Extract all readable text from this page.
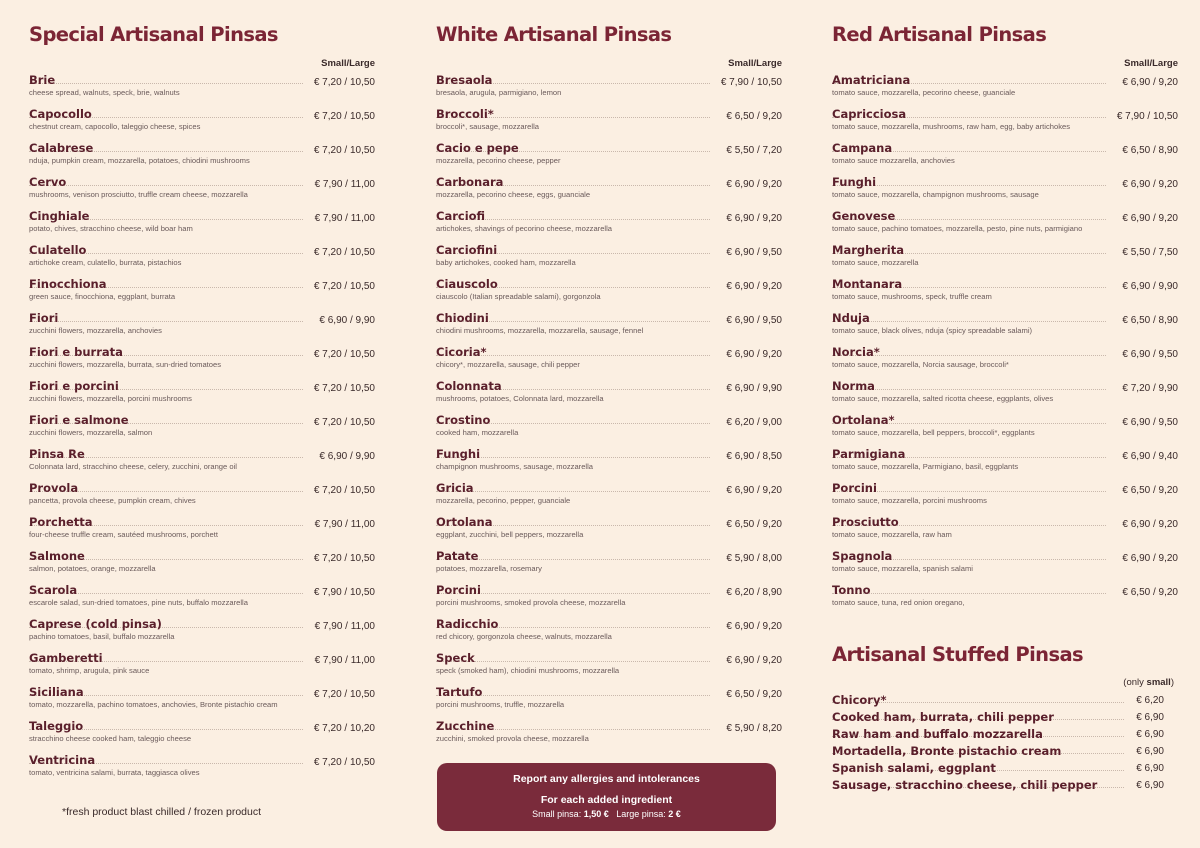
Special Artisanal Pinsas
Small/Large
Brie	€ 7,20 / 10,50
cheese spread, walnuts, speck, brie, walnuts
Capocollo	€ 7,20 / 10,50
chestnut cream, capocollo, taleggio cheese, spices
Calabrese	€ 7,20 / 10,50
nduja, pumpkin cream, mozzarella, potatoes, chiodini mushrooms
Cervo	€ 7,90 / 11,00
mushrooms, venison prosciutto, truffle cream cheese, mozzarella
Cinghiale	€ 7,90 / 11,00
potato, chives, stracchino cheese, wild boar ham
Culatello	€ 7,20 / 10,50
artichoke cream, culatello, burrata, pistachios
Finocchiona	€ 7,20 / 10,50
green sauce, finocchiona, eggplant, burrata
Fiori	€ 6,90 / 9,90
zucchini flowers, mozzarella, anchovies
Fiori e burrata	€ 7,20 / 10,50
zucchini flowers, mozzarella, burrata, sun-dried tomatoes
Fiori e porcini	€ 7,20 / 10,50
zucchini flowers, mozzarella, porcini mushrooms
Fiori e salmone	€ 7,20 / 10,50
zucchini flowers, mozzarella, salmon
Pinsa Re	€ 6,90 / 9,90
Colonnata lard, stracchino cheese, celery, zucchini, orange oil
Provola	€ 7,20 / 10,50
pancetta, provola cheese, pumpkin cream, chives
Porchetta	€ 7,90 / 11,00
four-cheese truffle cream, sautéed mushrooms, porchett
Salmone	€ 7,20 / 10,50
salmon, potatoes, orange, mozzarella
Scarola	€ 7,90 / 10,50
escarole salad, sun-dried tomatoes, pine nuts, buffalo mozzarella
Caprese (cold pinsa)	€ 7,90 / 11,00
pachino tomatoes, basil, buffalo mozzarella
Gamberetti	€ 7,90 / 11,00
tomato, shrimp, arugula, pink sauce
Siciliana	€ 7,20 / 10,50
tomato, mozzarella, pachino tomatoes, anchovies, Bronte pistachio cream
Taleggio	€ 7,20 / 10,20
stracchino cheese cooked ham, taleggio cheese
Ventricina	€ 7,20 / 10,50
tomato, ventricina salami, burrata, taggiasca olives
White Artisanal Pinsas
Small/Large
Bresaola	€ 7,90 / 10,50
bresaola, arugula, parmigiano, lemon
Broccoli*	€ 6,50 / 9,20
broccoli*, sausage, mozzarella
Cacio e pepe	€ 5,50 / 7,20
mozzarella, pecorino cheese, pepper
Carbonara	€ 6,90 / 9,20
mozzarella, pecorino cheese, eggs, guanciale
Carciofi	€ 6,90 / 9,20
artichokes, shavings of pecorino cheese, mozzarella
Carciofini	€ 6,90 / 9,50
baby artichokes, cooked ham, mozzarella
Ciauscolo	€ 6,90 / 9,20
ciauscolo (Italian spreadable salami), gorgonzola
Chiodini	€ 6,90 / 9,50
chiodini mushrooms, mozzarella, mozzarella, sausage, fennel
Cicoria*	€ 6,90 / 9,20
chicory*, mozzarella, sausage, chili pepper
Colonnata	€ 6,90 / 9,90
mushrooms, potatoes, Colonnata lard, mozzarella
Crostino	€ 6,20 / 9,00
cooked ham, mozzarella
Funghi	€ 6,90 / 8,50
champignon mushrooms, sausage, mozzarella
Gricia	€ 6,90 / 9,20
mozzarella, pecorino, pepper, guanciale
Ortolana	€ 6,50 / 9,20
eggplant, zucchini, bell peppers, mozzarella
Patate	€ 5,90 / 8,00
potatoes, mozzarella, rosemary
Porcini	€ 6,20 / 8,90
porcini mushrooms, smoked provola cheese, mozzarella
Radicchio	€ 6,90 / 9,20
red chicory, gorgonzola cheese, walnuts, mozzarella
Speck	€ 6,90 / 9,20
speck (smoked ham), chiodini mushrooms, mozzarella
Tartufo	€ 6,50 / 9,20
porcini mushrooms, truffle, mozzarella
Zucchine	€ 5,90 / 8,20
zucchini, smoked provola cheese, mozzarella
Red Artisanal Pinsas
Small/Large
Amatriciana	€ 6,90 / 9,20
tomato sauce, mozzarella, pecorino cheese, guanciale
Capricciosa	€ 7,90 / 10,50
tomato sauce, mozzarella, mushrooms, raw ham, egg, baby artichokes
Campana	€ 6,50 / 8,90
tomato sauce mozzarella, anchovies
Funghi	€ 6,90 / 9,20
tomato sauce, mozzarella, champignon mushrooms, sausage
Genovese	€ 6,90 / 9,20
tomato sauce, pachino tomatoes, mozzarella, pesto, pine nuts, parmigiano
Margherita	€ 5,50 / 7,50
tomato sauce, mozzarella
Montanara	€ 6,90 / 9,90
tomato sauce, mushrooms, speck, truffle cream
Nduja	€ 6,50 / 8,90
tomato sauce, black olives, nduja (spicy spreadable salami)
Norcia*	€ 6,90 / 9,50
tomato sauce, mozzarella, Norcia sausage, broccoli*
Norma	€ 7,20 / 9,90
tomato sauce, mozzarella, salted ricotta cheese, eggplants, olives
Ortolana*	€ 6,90 / 9,50
tomato sauce, mozzarella, bell peppers, broccoli*, eggplants
Parmigiana	€ 6,90 / 9,40
tomato sauce, mozzarella, Parmigiano, basil, eggplants
Porcini	€ 6,50 / 9,20
tomato sauce, mozzarella, porcini mushrooms
Prosciutto	€ 6,90 / 9,20
tomato sauce, mozzarella, raw ham
Spagnola	€ 6,90 / 9,20
tomato sauce, mozzarella, spanish salami
Tonno	€ 6,50 / 9,20
tomato sauce, tuna, red onion oregano,
*fresh product blast chilled / frozen product
Report any allergies and intolerances
For each added ingredient
Small pinsa: 1,50 € Large pinsa: 2 €
Artisanal Stuffed Pinsas
(only small)
Chicory*	€ 6,20
Cooked ham, burrata, chili pepper	€ 6,90
Raw ham and buffalo mozzarella	€ 6,90
Mortadella, Bronte pistachio cream	€ 6,90
Spanish salami, eggplant	€ 6,90
Sausage, stracchino cheese, chili pepper	€ 6,90
